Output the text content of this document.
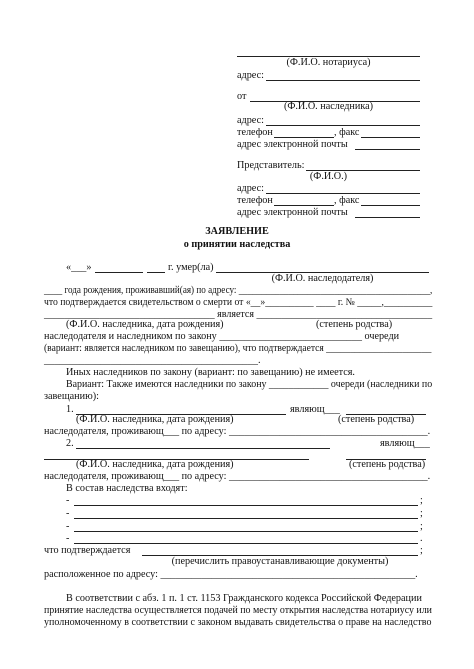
(Ф.И.О. нотариуса)
адрес:
от
(Ф.И.О. наследника)
адрес:
телефон	, факс
адрес электронной почты
Представитель:
(Ф.И.О.)
адрес:
телефон	, факс
адрес электронной почты
ЗАЯВЛЕНИЕ
о принятии наследства
«___»	г. умер(ла)
(Ф.И.О. наследодателя)
____ года рождения, проживавший(ая) по адресу: __________________________________________,
что подтверждается свидетельством о смерти от «__»__________ ____ г. № _____,__________
__________________________________ является ___________________________________
(Ф.И.О. наследника, дата рождения)	(степень родства)
наследодателя и наследником по закону ____________________________ очереди
(вариант: является наследником по завещанию), что подтверждается ______________________
__________________________________________.
Иных наследников по закону (вариант: по завещанию) не имеется.
Вариант: Также имеются наследники по закону ____________ очереди (наследники по
завещанию):
1.	являющ___
(Ф.И.О. наследника, дата рождения)	(степень родства)
наследодателя, проживающ___ по адресу: _______________________________________.
2.	являющ___
(Ф.И.О. наследника, дата рождения)	(степень родства)
наследодателя, проживающ___ по адресу: _______________________________________.
В состав наследства входят:
-	;
-	;
-	;
-	.
что подтверждается	;
(перечислить правоустанавливающие документы)
расположенное по адресу: __________________________________________________.
В соответствии с абз. 1 п. 1 ст. 1153 Гражданского кодекса Российской Федерации
принятие наследства осуществляется подачей по месту открытия наследства нотариусу или
уполномоченному в соответствии с законом выдавать свидетельства о праве на наследство
